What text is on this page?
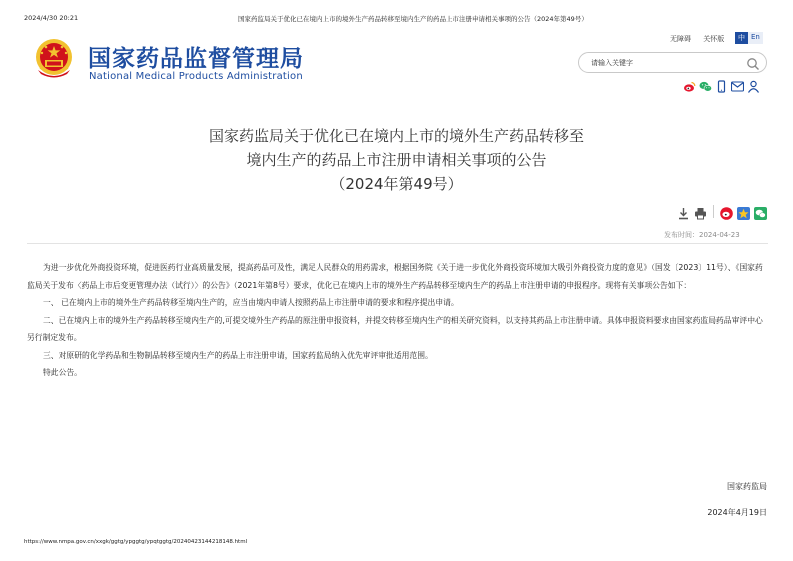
2024/4/30 20:21	国家药监局关于优化已在境内上市的境外生产药品转移至境内生产的药品上市注册申请相关事项的公告（2024年第49号）
国家药品监督管理局
National Medical Products Administration
无障碍 关怀版	中 En
请输入关键字
国家药监局关于优化已在境内上市的境外生产药品转移至
境内生产的药品上市注册申请相关事项的公告
（2024年第49号）
发布时间：2024-04-23

为进一步优化外商投资环境，促进医药行业高质量发展，提高药品可及性，满足人民群众的用药需求，根据国务院《关于进一步优化外商投资环境加大吸引外商投资力度的意见》（国发〔2023〕11号）、《国家药监局关于发布〈药品上市后变更管理办法（试行）〉的公告》（2021年第8号）要求，优化已在境内上市的境外生产药品转移至境内生产的药品上市注册申请的申报程序。现将有关事项公告如下：

一、 已在境内上市的境外生产药品转移至境内生产的，应当由境内申请人按照药品上市注册申请的要求和程序提出申请。

二、已在境内上市的境外生产药品转移至境内生产的,可提交境外生产药品的原注册申报资料，并提交转移至境内生产的相关研究资料，以支持其药品上市注册申请。具体申报资料要求由国家药监局药品审评中心另行制定发布。

三、对原研的化学药品和生物制品转移至境内生产的药品上市注册申请，国家药监局纳入优先审评审批适用范围。

特此公告。

国家药监局
2024年4月19日
https://www.nmpa.gov.cn/xxgk/ggtg/ypggtg/ypqtggtg/20240423144218148.html
